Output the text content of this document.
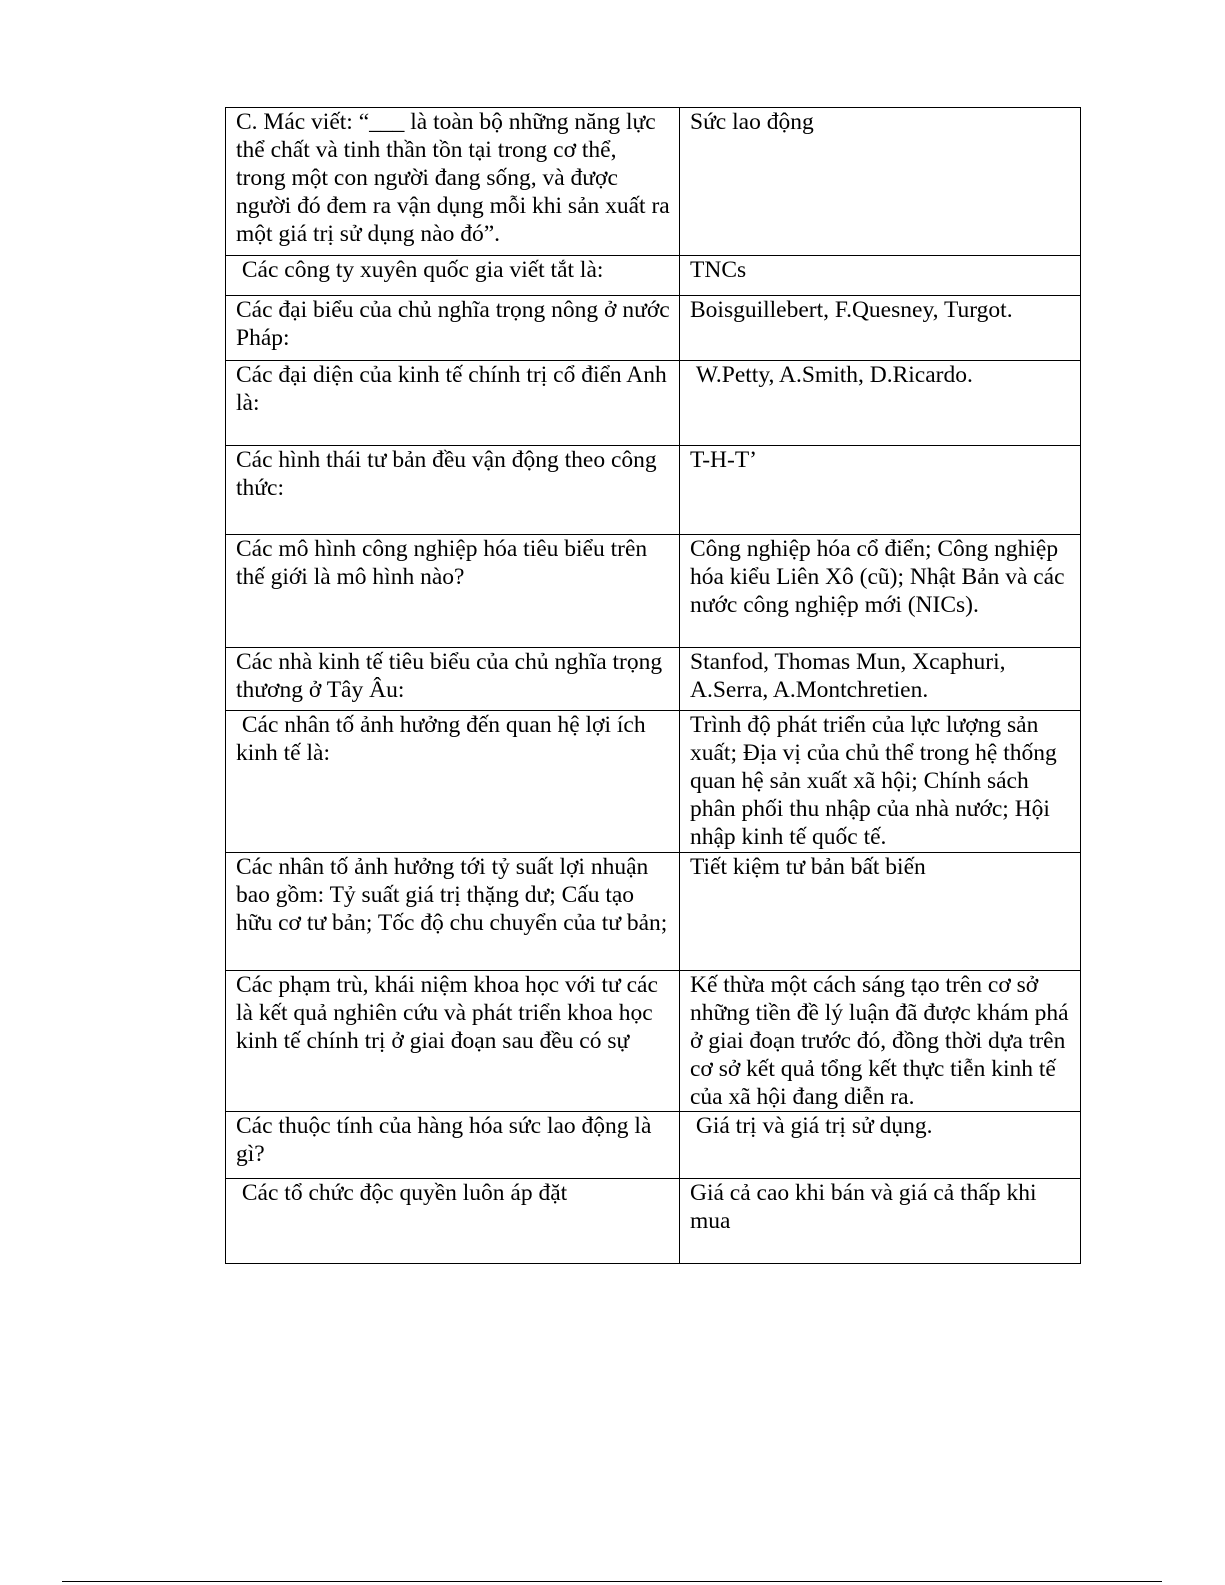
C. Mác viết: “___ là toàn bộ những năng lực thể chất và tinh thần tồn tại trong cơ thể, trong một con người đang sống, và được người đó đem ra vận dụng mỗi khi sản xuất ra một giá trị sử dụng nào đó”.	Sức lao động
Các công ty xuyên quốc gia viết tắt là:	TNCs
Các đại biểu của chủ nghĩa trọng nông ở nước Pháp:	Boisguillebert, F.Quesney, Turgot.
Các đại diện của kinh tế chính trị cổ điển Anh là:	W.Petty, A.Smith, D.Ricardo.
Các hình thái tư bản đều vận động theo công thức:	T-H-T’
Các mô hình công nghiệp hóa tiêu biểu trên thế giới là mô hình nào?	Công nghiệp hóa cổ điển; Công nghiệp hóa kiểu Liên Xô (cũ); Nhật Bản và các nước công nghiệp mới (NICs).
Các nhà kinh tế tiêu biểu của chủ nghĩa trọng thương ở Tây Âu:	Stanfod, Thomas Mun, Xcaphuri, A.Serra, A.Montchretien.
Các nhân tố ảnh hưởng đến quan hệ lợi ích kinh tế là:	Trình độ phát triển của lực lượng sản xuất; Địa vị của chủ thể trong hệ thống quan hệ sản xuất xã hội; Chính sách phân phối thu nhập của nhà nước; Hội nhập kinh tế quốc tế.
Các nhân tố ảnh hưởng tới tỷ suất lợi nhuận bao gồm: Tỷ suất giá trị thặng dư; Cấu tạo hữu cơ tư bản; Tốc độ chu chuyển của tư bản;	Tiết kiệm tư bản bất biến
Các phạm trù, khái niệm khoa học với tư các là kết quả nghiên cứu và phát triển khoa học kinh tế chính trị ở giai đoạn sau đều có sự	Kế thừa một cách sáng tạo trên cơ sở những tiền đề lý luận đã được khám phá ở giai đoạn trước đó, đồng thời dựa trên cơ sở kết quả tổng kết thực tiễn kinh tế của xã hội đang diễn ra.
Các thuộc tính của hàng hóa sức lao động là gì?	Giá trị và giá trị sử dụng.
Các tổ chức độc quyền luôn áp đặt	Giá cả cao khi bán và giá cả thấp khi mua
